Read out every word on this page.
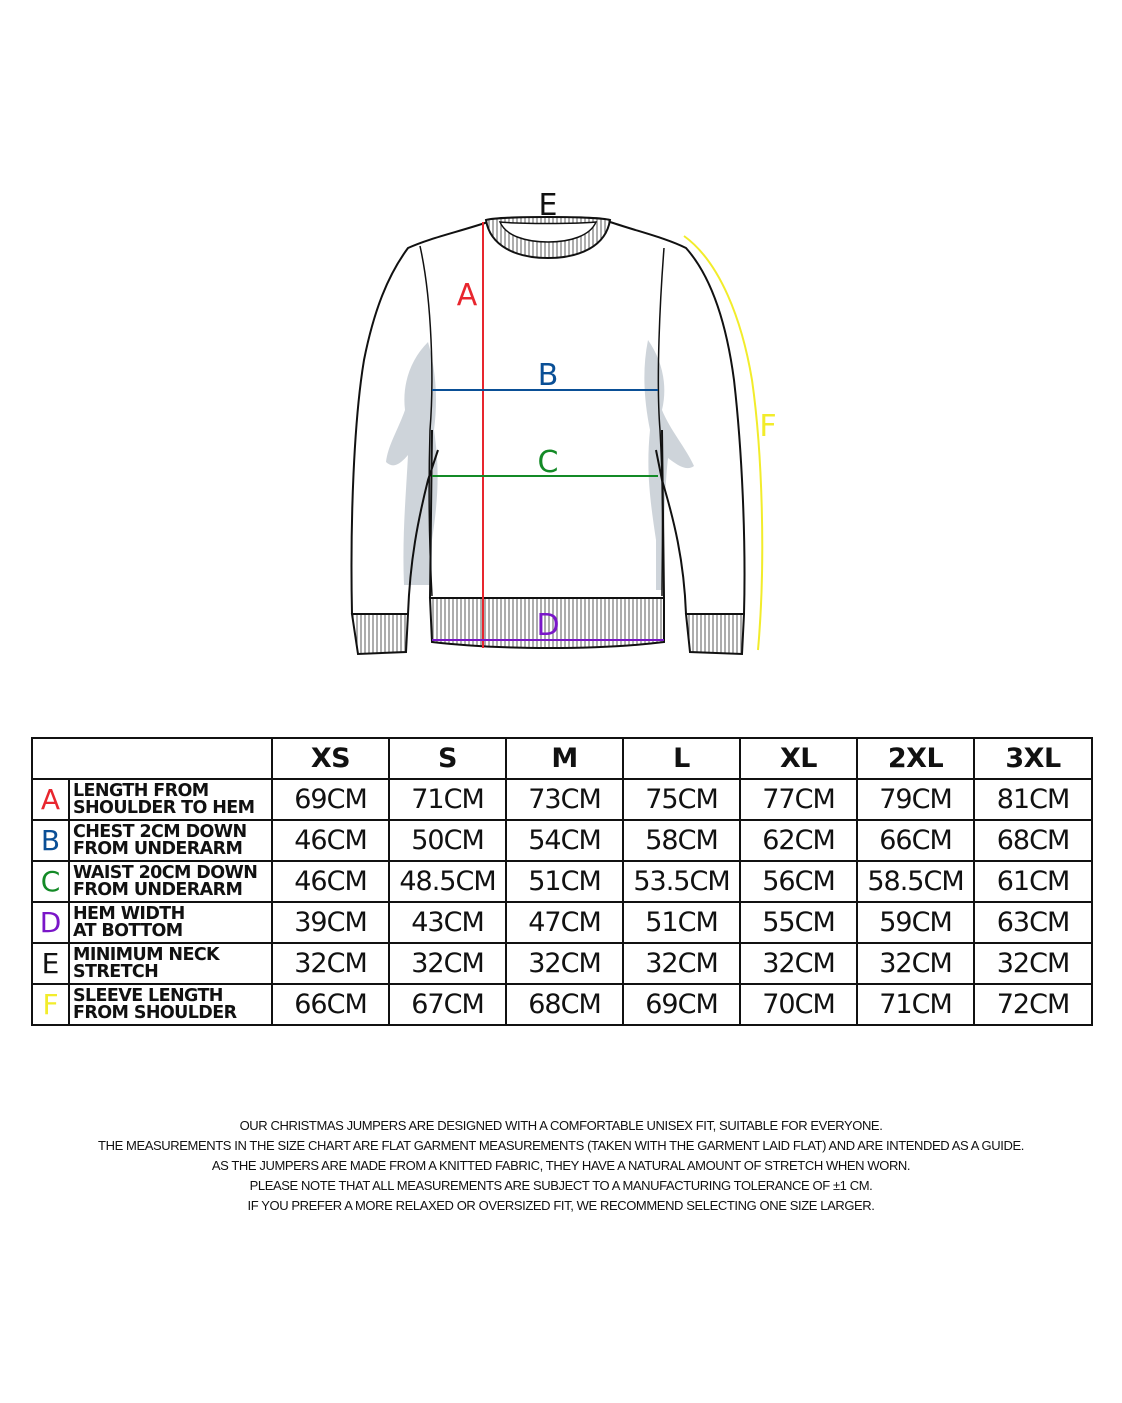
E
A
B
C
D
F
		XS	S	M	L	XL	2XL	3XL
A	LENGTH FROM
SHOULDER TO HEM	69CM	71CM	73CM	75CM	77CM	79CM	81CM
B	CHEST 2CM DOWN
FROM UNDERARM	46CM	50CM	54CM	58CM	62CM	66CM	68CM
C	WAIST 20CM DOWN
FROM UNDERARM	46CM	48.5CM	51CM	53.5CM	56CM	58.5CM	61CM
D	HEM WIDTH
AT BOTTOM	39CM	43CM	47CM	51CM	55CM	59CM	63CM
E	MINIMUM NECK
STRETCH	32CM	32CM	32CM	32CM	32CM	32CM	32CM
F	SLEEVE LENGTH
FROM SHOULDER	66CM	67CM	68CM	69CM	70CM	71CM	72CM

OUR CHRISTMAS JUMPERS ARE DESIGNED WITH A COMFORTABLE UNISEX FIT, SUITABLE FOR EVERYONE.

THE MEASUREMENTS IN THE SIZE CHART ARE FLAT GARMENT MEASUREMENTS (TAKEN WITH THE GARMENT LAID FLAT) AND ARE INTENDED AS A GUIDE.

AS THE JUMPERS ARE MADE FROM A KNITTED FABRIC, THEY HAVE A NATURAL AMOUNT OF STRETCH WHEN WORN.

PLEASE NOTE THAT ALL MEASUREMENTS ARE SUBJECT TO A MANUFACTURING TOLERANCE OF ±1 CM.

IF YOU PREFER A MORE RELAXED OR OVERSIZED FIT, WE RECOMMEND SELECTING ONE SIZE LARGER.
